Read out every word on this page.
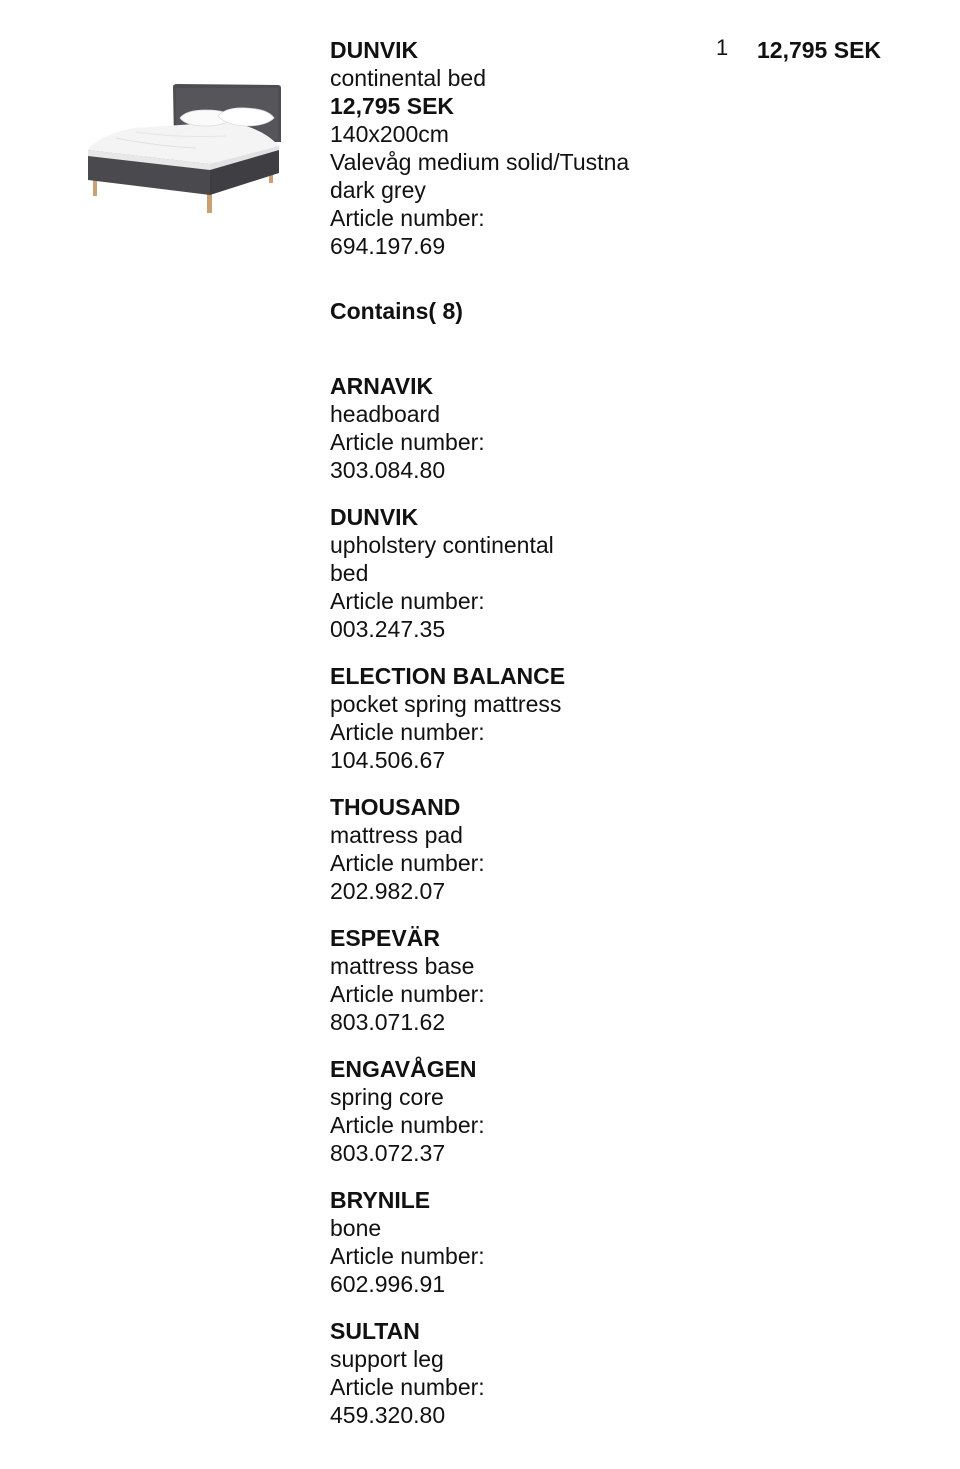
1 12,795 SEK
DUNVIK
continental bed
12,795 SEK
140x200cm
Valevåg medium solid/Tustna dark grey
Article number:
694.197.69
Contains( 8)
ARNAVIK
headboard
Article number:
303.084.80
DUNVIK
upholstery continental bed
Article number:
003.247.35
ELECTION BALANCE
pocket spring mattress
Article number:
104.506.67
THOUSAND
mattress pad
Article number:
202.982.07
ESPEVÄR
mattress base
Article number:
803.071.62
ENGAVÅGEN
spring core
Article number:
803.072.37
BRYNILE
bone
Article number:
602.996.91
SULTAN
support leg
Article number:
459.320.80
